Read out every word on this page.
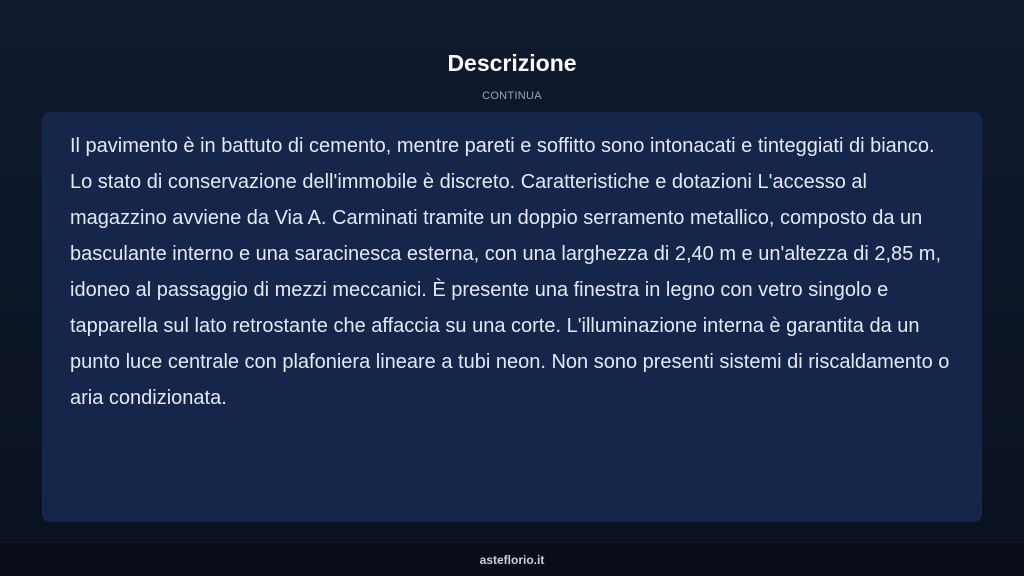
Descrizione
CONTINUA

Il pavimento è in battuto di cemento, mentre pareti e soffitto sono intonacati e tinteggiati di bianco. Lo stato di conservazione dell'immobile è discreto. Caratteristiche e dotazioni L'accesso al magazzino avviene da Via A. Carminati tramite un doppio serramento metallico, composto da un basculante interno e una saracinesca esterna, con una larghezza di 2,40 m e un'altezza di 2,85 m, idoneo al passaggio di mezzi meccanici. È presente una finestra in legno con vetro singolo e tapparella sul lato retrostante che affaccia su una corte. L'illuminazione interna è garantita da un punto luce centrale con plafoniera lineare a tubi neon. Non sono presenti sistemi di riscaldamento o aria condizionata.

asteflorio.it
